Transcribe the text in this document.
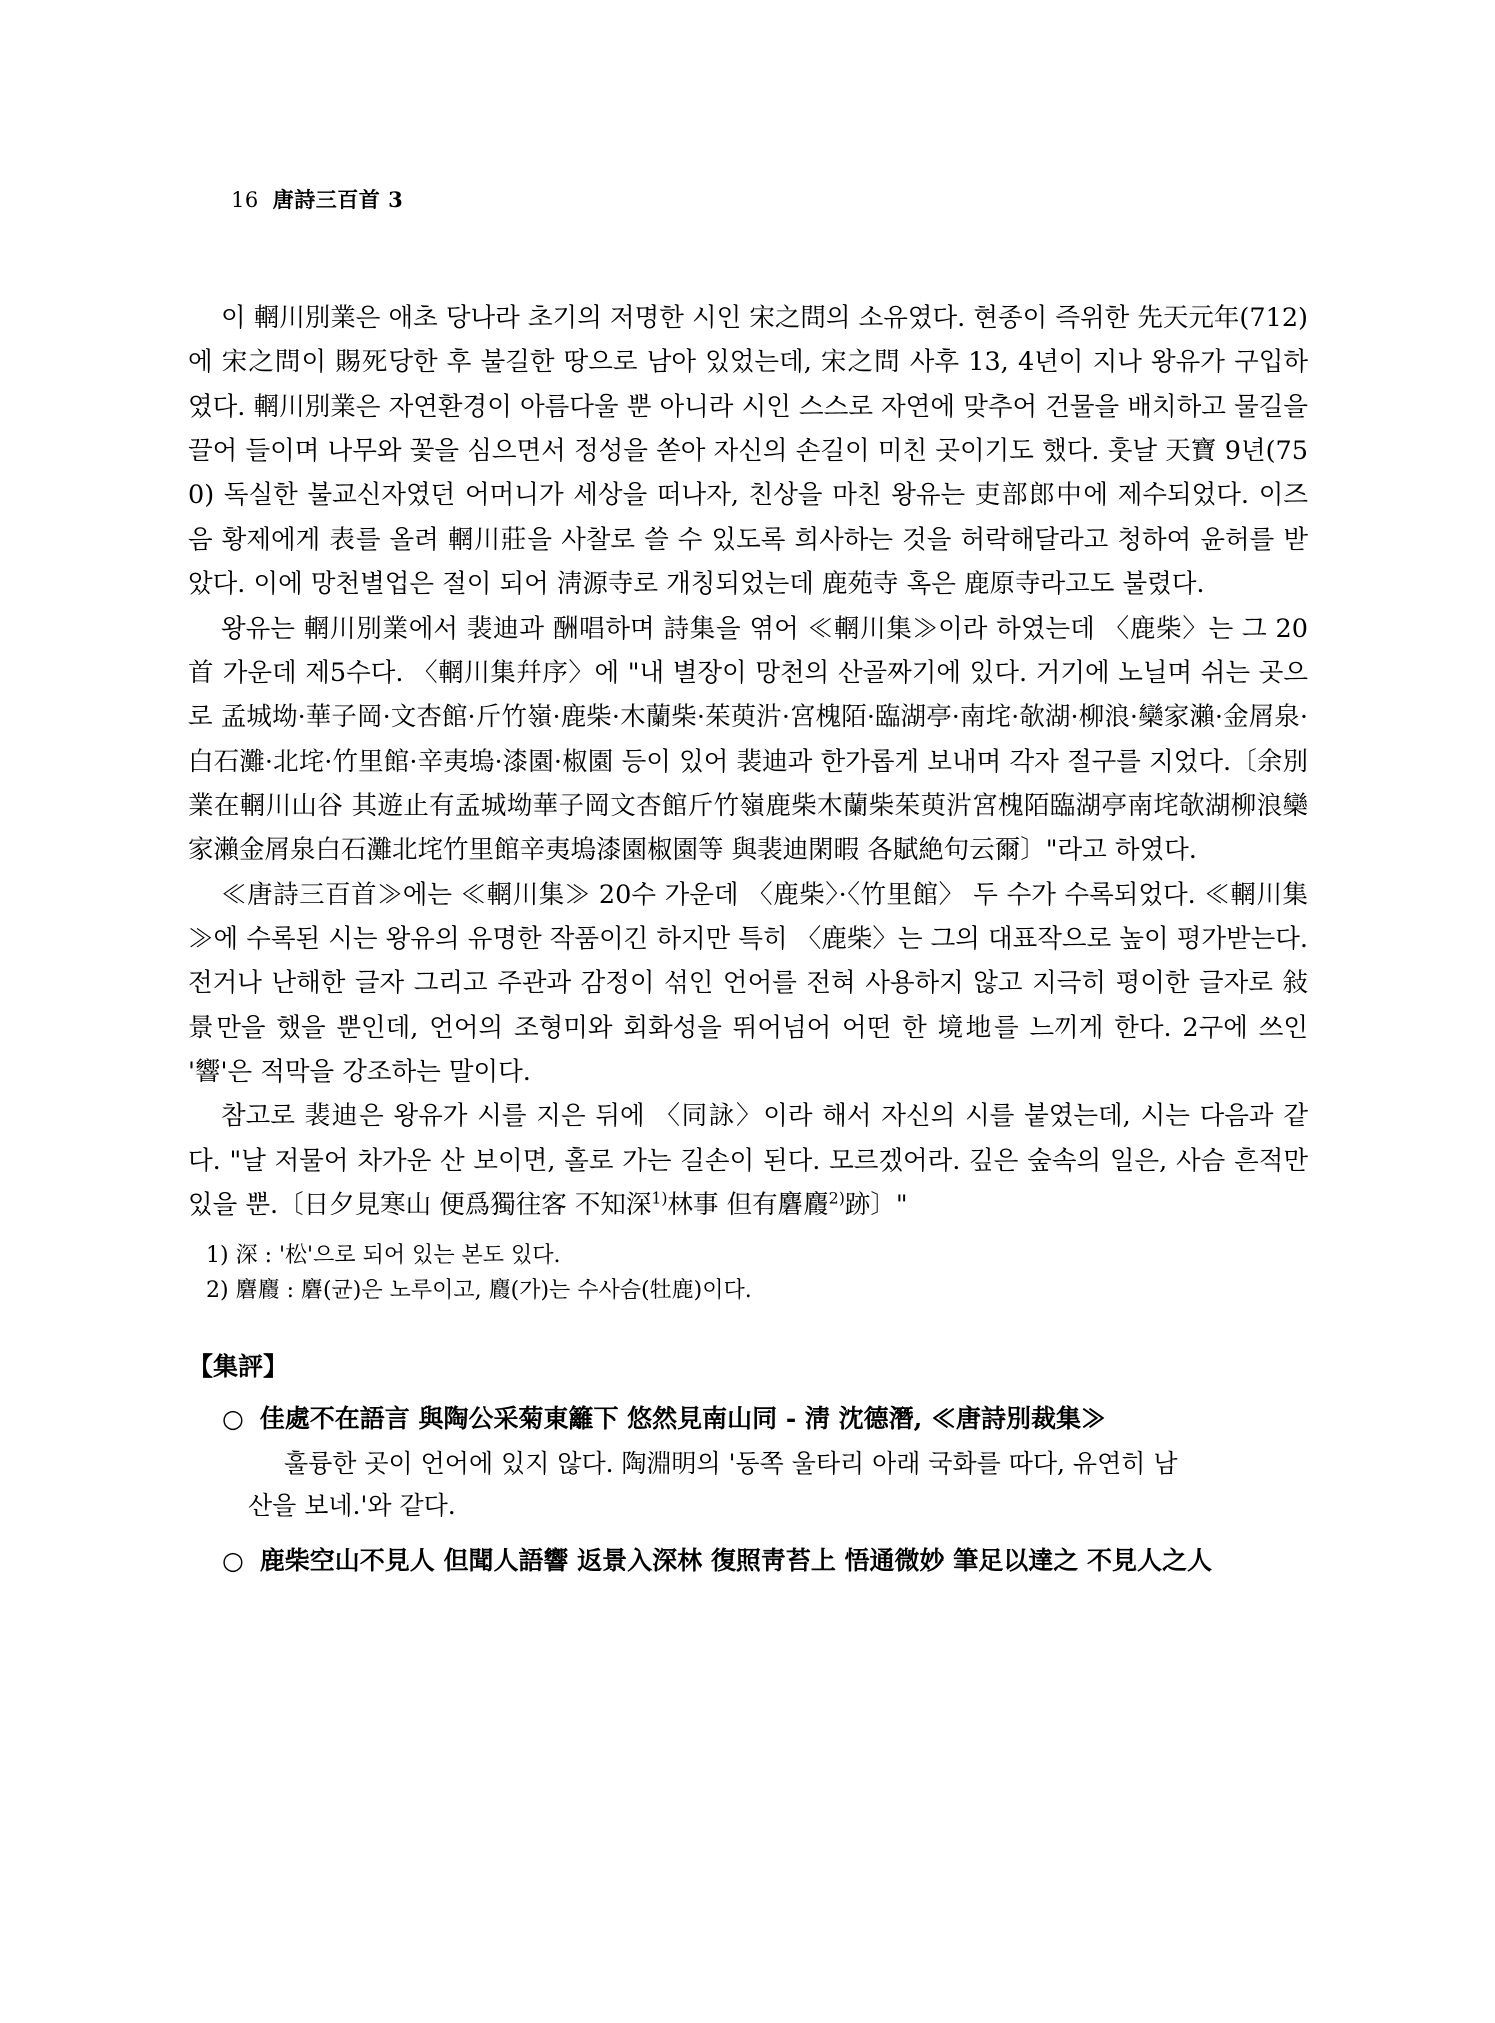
16 唐詩三百首 3

이 輞川別業은 애초 당나라 초기의 저명한 시인 宋之問의 소유였다. 현종이 즉위한 先天元年(712)에 宋之問이 賜死당한 후 불길한 땅으로 남아 있었는데, 宋之問 사후 13, 4년이 지나 왕유가 구입하였다. 輞川別業은 자연환경이 아름다울 뿐 아니라 시인 스스로 자연에 맞추어 건물을 배치하고 물길을 끌어 들이며 나무와 꽃을 심으면서 정성을 쏟아 자신의 손길이 미친 곳이기도 했다. 훗날 天寶 9년(750) 독실한 불교신자였던 어머니가 세상을 떠나자, 친상을 마친 왕유는 吏部郎中에 제수되었다. 이즈음 황제에게 表를 올려 輞川莊을 사찰로 쓸 수 있도록 희사하는 것을 허락해달라고 청하여 윤허를 받았다. 이에 망천별업은 절이 되어 淸源寺로 개칭되었는데 鹿苑寺 혹은 鹿原寺라고도 불렸다.

왕유는 輞川別業에서 裴迪과 酬唱하며 詩集을 엮어 ≪輞川集≫이라 하였는데 〈鹿柴〉는 그 20首 가운데 제5수다. 〈輞川集幷序〉에 "내 별장이 망천의 산골짜기에 있다. 거기에 노닐며 쉬는 곳으로 孟城坳·華子岡·文杏館·斤竹嶺·鹿柴·木蘭柴·茱萸沜·宮槐陌·臨湖亭·南垞·欹湖·柳浪·欒家瀨·金屑泉·白石灘·北垞·竹里館·辛夷塢·漆園·椒園 등이 있어 裴迪과 한가롭게 보내며 각자 절구를 지었다.〔余別業在輞川山谷 其遊止有孟城坳華子岡文杏館斤竹嶺鹿柴木蘭柴茱萸沜宮槐陌臨湖亭南垞欹湖柳浪欒家瀨金屑泉白石灘北垞竹里館辛夷塢漆園椒園等 與裴迪閑暇 各賦絶句云爾〕"라고 하였다.

≪唐詩三百首≫에는 ≪輞川集≫ 20수 가운데 〈鹿柴〉·〈竹里館〉 두 수가 수록되었다. ≪輞川集≫에 수록된 시는 왕유의 유명한 작품이긴 하지만 특히 〈鹿柴〉는 그의 대표작으로 높이 평가받는다. 전거나 난해한 글자 그리고 주관과 감정이 섞인 언어를 전혀 사용하지 않고 지극히 평이한 글자로 敍景만을 했을 뿐인데, 언어의 조형미와 회화성을 뛰어넘어 어떤 한 境地를 느끼게 한다. 2구에 쓰인 '響'은 적막을 강조하는 말이다.

참고로 裴迪은 왕유가 시를 지은 뒤에 〈同詠〉이라 해서 자신의 시를 붙였는데, 시는 다음과 같다. "날 저물어 차가운 산 보이면, 홀로 가는 길손이 된다. 모르겠어라. 깊은 숲속의 일은, 사슴 흔적만 있을 뿐.〔日夕見寒山 便爲獨往客 不知深$^{1)}$林事 但有麏麚$^{2)}$跡〕"

1) 深 : '松'으로 되어 있는 본도 있다.

2) 麏麚 : 麏(균)은 노루이고, 麚(가)는 수사슴(牡鹿)이다.

【集評】

○ 佳處不在語言 與陶公采菊東籬下 悠然見南山同 - 淸 沈德潛, ≪唐詩別裁集≫

훌륭한 곳이 언어에 있지 않다. 陶淵明의 '동쪽 울타리 아래 국화를 따다, 유연히 남
산을 보네.'와 같다.

○ 鹿柴空山不見人 但聞人語響 返景入深林 復照靑苔上 悟通微妙 筆足以達之 不見人之人
